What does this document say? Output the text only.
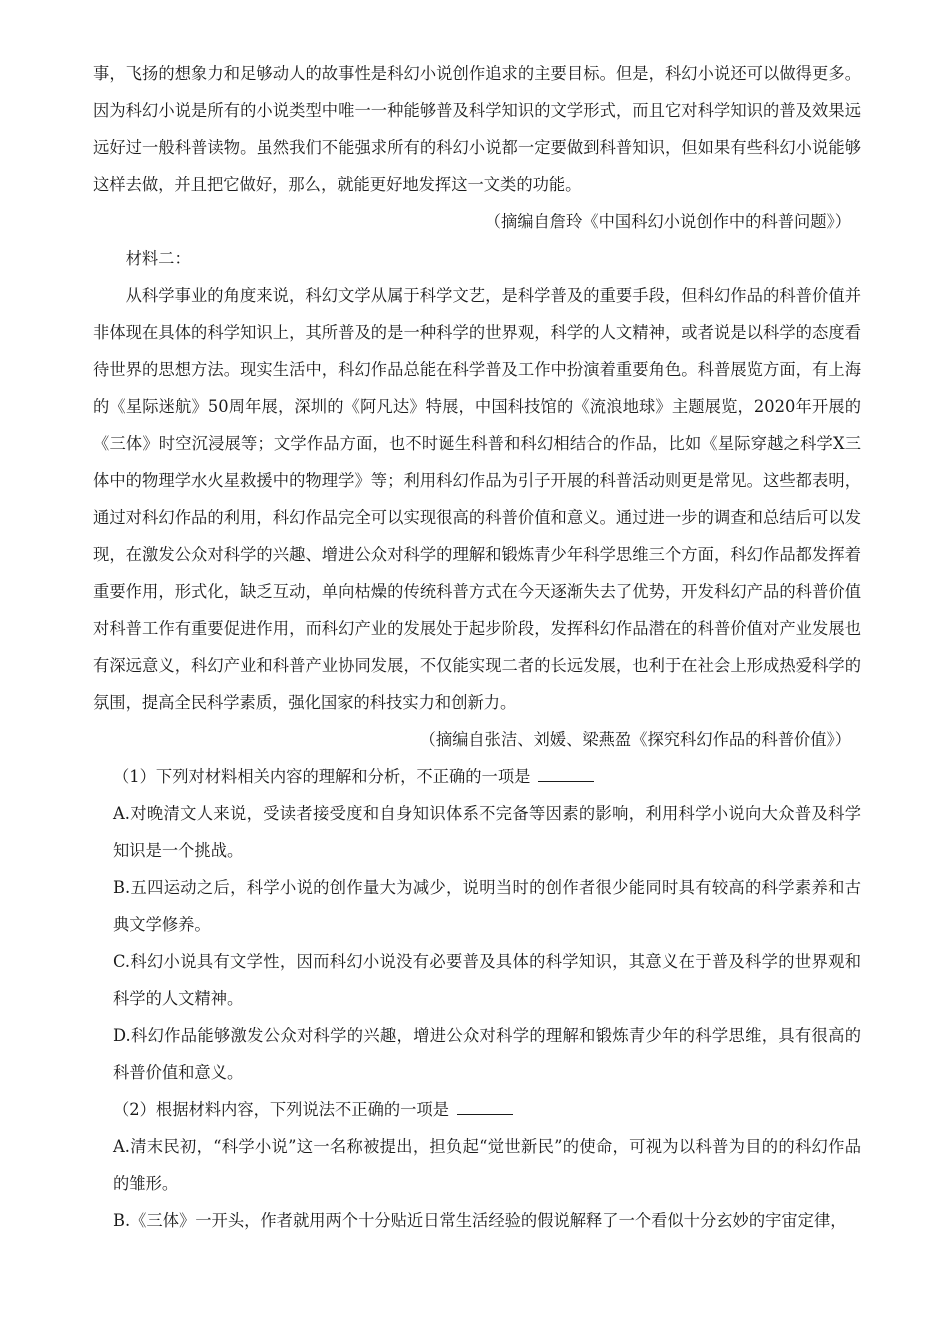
事，飞扬的想象力和足够动人的故事性是科幻小说创作追求的主要目标。但是，科幻小说还可以做得更多。因为科幻小说是所有的小说类型中唯一一种能够普及科学知识的文学形式，而且它对科学知识的普及效果远远好过一般科普读物。虽然我们不能强求所有的科幻小说都一定要做到科普知识，但如果有些科幻小说能够这样去做，并且把它做好，那么，就能更好地发挥这一文类的功能。

（摘编自詹玲《中国科幻小说创作中的科普问题》）

材料二：

从科学事业的角度来说，科幻文学从属于科学文艺，是科学普及的重要手段，但科幻作品的科普价值并非体现在具体的科学知识上，其所普及的是一种科学的世界观，科学的人文精神，或者说是以科学的态度看待世界的思想方法。现实生活中，科幻作品总能在科学普及工作中扮演着重要角色。科普展览方面，有上海的《星际迷航》50周年展，深圳的《阿凡达》特展，中国科技馆的《流浪地球》主题展览，2020年开展的《三体》时空沉浸展等；文学作品方面，也不时诞生科普和科幻相结合的作品，比如《星际穿越之科学X三体中的物理学水火星救援中的物理学》等；利用科幻作品为引子开展的科普活动则更是常见。这些都表明，通过对科幻作品的利用，科幻作品完全可以实现很高的科普价值和意义。通过进一步的调查和总结后可以发现，在激发公众对科学的兴趣、增进公众对科学的理解和锻炼青少年科学思维三个方面，科幻作品都发挥着重要作用，形式化，缺乏互动，单向枯燥的传统科普方式在今天逐渐失去了优势，开发科幻产品的科普价值对科普工作有重要促进作用，而科幻产业的发展处于起步阶段，发挥科幻作品潜在的科普价值对产业发展也有深远意义，科幻产业和科普产业协同发展，不仅能实现二者的长远发展，也利于在社会上形成热爱科学的氛围，提高全民科学素质，强化国家的科技实力和创新力。

（摘编自张洁、刘媛、梁燕盈《探究科幻作品的科普价值》）

（1）下列对材料相关内容的理解和分析，不正确的一项是

A.对晚清文人来说，受读者接受度和自身知识体系不完备等因素的影响，利用科学小说向大众普及科学知识是一个挑战。

B.五四运动之后，科学小说的创作量大为减少，说明当时的创作者很少能同时具有较高的科学素养和古典文学修养。

C.科幻小说具有文学性，因而科幻小说没有必要普及具体的科学知识，其意义在于普及科学的世界观和科学的人文精神。

D.科幻作品能够激发公众对科学的兴趣，增进公众对科学的理解和锻炼青少年的科学思维，具有很高的科普价值和意义。

（2）根据材料内容，下列说法不正确的一项是

A.清末民初，“科学小说”这一名称被提出，担负起“觉世新民”的使命，可视为以科普为目的的科幻作品的雏形。

B.《三体》一开头，作者就用两个十分贴近日常生活经验的假说解释了一个看似十分玄妙的宇宙定律，
